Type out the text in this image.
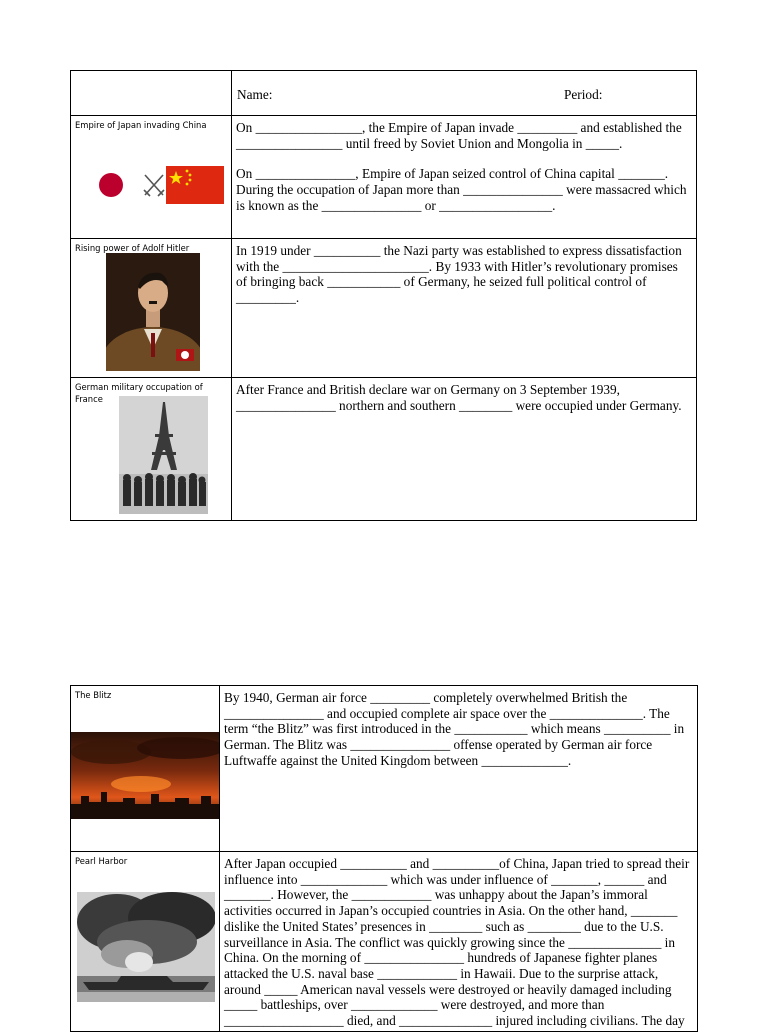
	Name: Period:

Empire of Japan invading China	On ________________, the Empire of Japan invade _________ and established the ________________ until freed by Soviet Union and Mongolia in _____.

On _______________, Empire of Japan seized control of China capital _______. During the occupation of Japan more than _______________ were massacred which is known as the _______________ or _________________.

Rising power of Adolf Hitler	In 1919 under __________ the Nazi party was established to express dissatisfaction with the ______________________. By 1933 with Hitler’s revolutionary promises of bringing back ___________ of Germany, he seized full political control of _________.

German military occupation of France	After France and British declare war on Germany on 3 September 1939, _______________ northern and southern ________ were occupied under Germany.

The Blitz	By 1940, German air force _________ completely overwhelmed British the _______________ and occupied complete air space over the ______________. The term “the Blitz” was first introduced in the ___________ which means __________ in German. The Blitz was _______________ offense operated by German air force Luftwaffe against the United Kingdom between _____________.

Pearl Harbor	After Japan occupied __________ and __________of China, Japan tried to spread their influence into _____________ which was under influence of _______, ______ and _______. However, the ____________ was unhappy about the Japan’s immoral activities occurred in Japan’s occupied countries in Asia. On the other hand, _______ dislike the United States’ presences in ________ such as ________ due to the U.S. surveillance in Asia. The conflict was quickly growing since the ______________ in China. On the morning of _______________ hundreds of Japanese fighter planes attacked the U.S. naval base ____________ in Hawaii. Due to the surprise attack, around _____ American naval vessels were destroyed or heavily damaged including _____ battleships, over _____________ were destroyed, and more than __________________ died, and ______________ injured including civilians. The day
